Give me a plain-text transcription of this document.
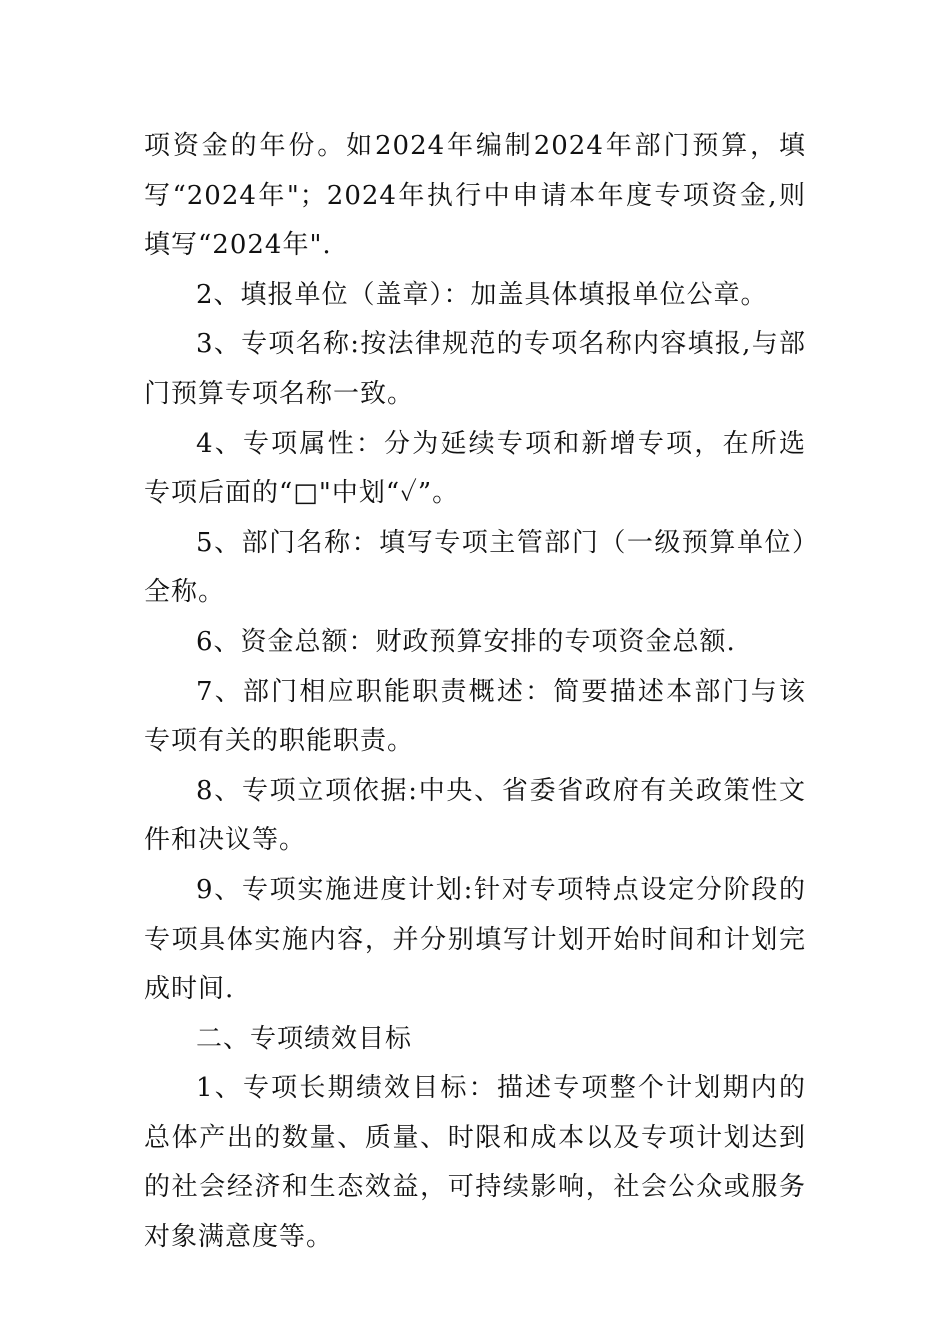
项资金的年份。如2024年编制2024年部门预算，填写“2024年"；2024年执行中申请本年度专项资金,则填写“2024年".

2、填报单位（盖章）：加盖具体填报单位公章。

3、专项名称:按法律规范的专项名称内容填报,与部门预算专项名称一致。

4、专项属性：分为延续专项和新增专项，在所选专项后面的“□"中划“✓”。

5、部门名称：填写专项主管部门（一级预算单位）全称。

6、资金总额：财政预算安排的专项资金总额.

7、部门相应职能职责概述：简要描述本部门与该专项有关的职能职责。

8、专项立项依据:中央、省委省政府有关政策性文件和决议等。

9、专项实施进度计划:针对专项特点设定分阶段的专项具体实施内容，并分别填写计划开始时间和计划完成时间.

二、专项绩效目标

1、专项长期绩效目标：描述专项整个计划期内的总体产出的数量、质量、时限和成本以及专项计划达到的社会经济和生态效益，可持续影响，社会公众或服务对象满意度等。
